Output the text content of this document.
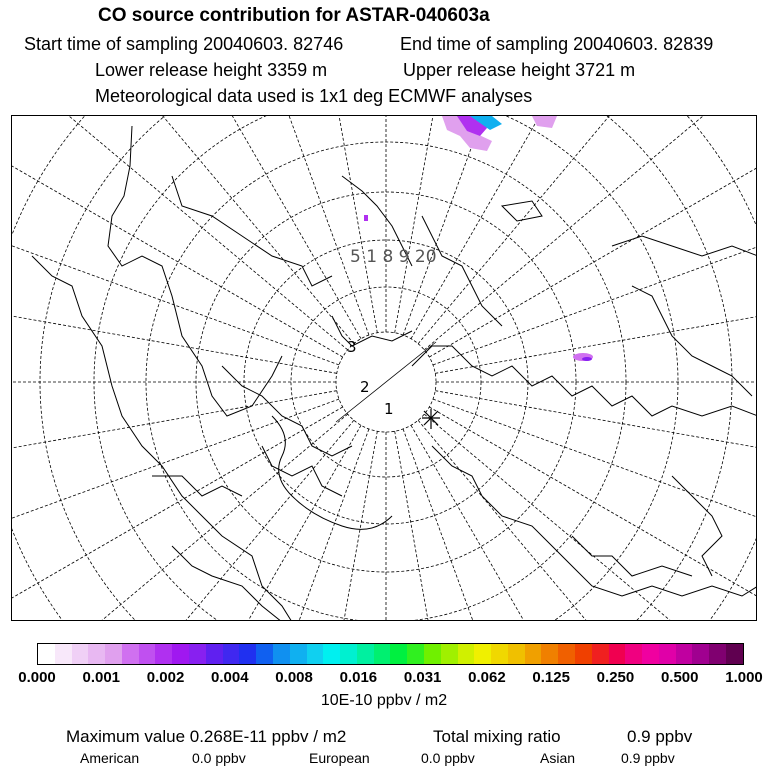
CO source contribution for ASTAR-040603a
Start time of sampling 20040603. 82746	End time of sampling 20040603. 82839
Lower release height 3359 m	Upper release height 3721 m
Meteorological data used is 1x1 deg ECMWF analyses
1
2
3
5 1 8 9 20
0.000 0.001 0.002 0.004 0.008 0.016 0.031 0.062 0.125 0.250 0.500 1.000
10E-10 ppbv / m2
Maximum value 0.268E-11 ppbv / m2	Total mixing ratio	0.9 ppbv
American	0.0 ppbv	European	0.0 ppbv	Asian	0.9 ppbv
